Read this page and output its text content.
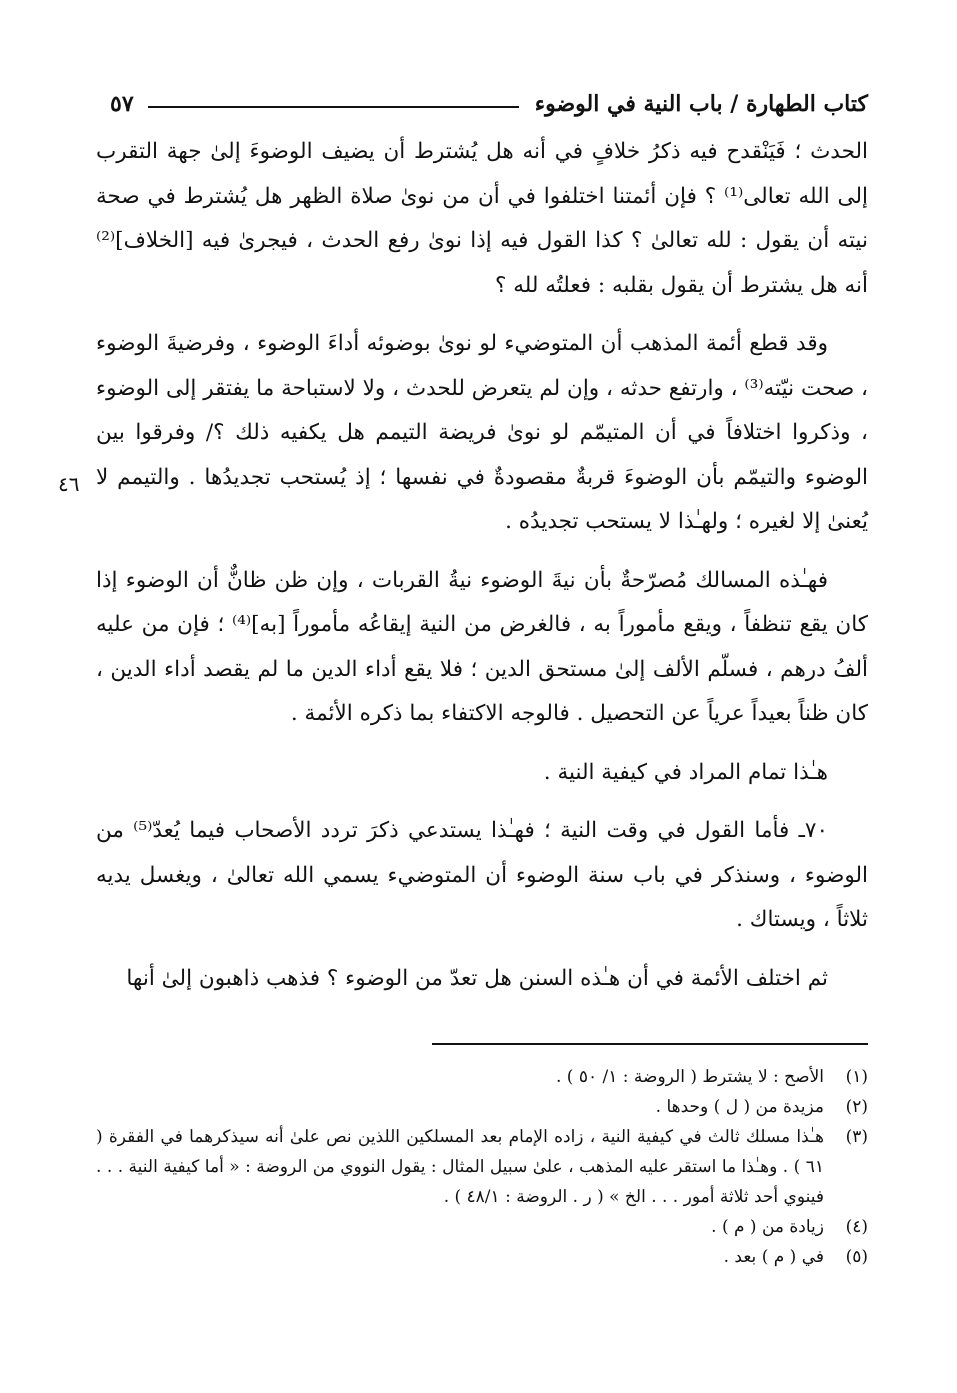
كتاب الطهارة / باب النية في الوضوء
٥٧
٤٦

الحدث ؛ فَيَنْقدح فيه ذكرُ خلافٍ في أنه هل يُشترط أن يضيف الوضوءَ إلىٰ جهة التقرب إلى الله تعالى⁽¹⁾ ؟ فإن أئمتنا اختلفوا في أن من نوىٰ صلاة الظهر هل يُشترط في صحة نيته أن يقول : لله تعالىٰ ؟ كذا القول فيه إذا نوىٰ رفع الحدث ، فيجرىٰ فيه [الخلاف]⁽²⁾ أنه هل يشترط أن يقول بقلبه : فعلتُه لله ؟

وقد قطع أئمة المذهب أن المتوضيء لو نوىٰ بوضوئه أداءَ الوضوء ، وفرضيةَ الوضوء ، صحت نيّته⁽³⁾ ، وارتفع حدثه ، وإن لم يتعرض للحدث ، ولا لاستباحة ما يفتقر إلى الوضوء ، وذكروا اختلافاً في أن المتيمّم لو نوىٰ فريضة التيمم هل يكفيه ذلك ؟/ وفرقوا بين الوضوء والتيمّم بأن الوضوءَ قربةٌ مقصودةٌ في نفسها ؛ إذ يُستحب تجديدُها . والتيمم لا يُعنىٰ إلا لغيره ؛ ولهـٰذا لا يستحب تجديدُه .

فهـٰذه المسالك مُصرّحةٌ بأن نيةَ الوضوء نيةُ القربات ، وإن ظن ظانٌّ أن الوضوء إذا كان يقع تنظفاً ، ويقع مأموراً به ، فالغرض من النية إيقاعُه مأموراً [به]⁽⁴⁾ ؛ فإن من عليه ألفُ درهم ، فسلّم الألف إلىٰ مستحق الدين ؛ فلا يقع أداء الدين ما لم يقصد أداء الدين ، كان ظناً بعيداً عرياً عن التحصيل . فالوجه الاكتفاء بما ذكره الأئمة .

هـٰذا تمام المراد في كيفية النية .

٧٠ـ فأما القول في وقت النية ؛ فهـٰذا يستدعي ذكرَ تردد الأصحاب فيما يُعدّ⁽⁵⁾ من الوضوء ، وسنذكر في باب سنة الوضوء أن المتوضيء يسمي الله تعالىٰ ، ويغسل يديه ثلاثاً ، ويستاك .

ثم اختلف الأئمة في أن هـٰذه السنن هل تعدّ من الوضوء ؟ فذهب ذاهبون إلىٰ أنها

(١)
الأصح : لا يشترط ( الروضة : ١/ ٥٠ ) .
(٢)
مزيدة من ( ل ) وحدها .
(٣)
هـٰذا مسلك ثالث في كيفية النية ، زاده الإمام بعد المسلكين اللذين نص علىٰ أنه سيذكرهما في الفقرة ( ٦١ ) . وهـٰذا ما استقر عليه المذهب ، علىٰ سبيل المثال : يقول النووي من الروضة : « أما كيفية النية . . . فينوي أحد ثلاثة أمور . . . الخ » ( ر . الروضة : ٤٨/١ ) .
(٤)
زيادة من ( م ) .
(٥)
في ( م ) بعد .
